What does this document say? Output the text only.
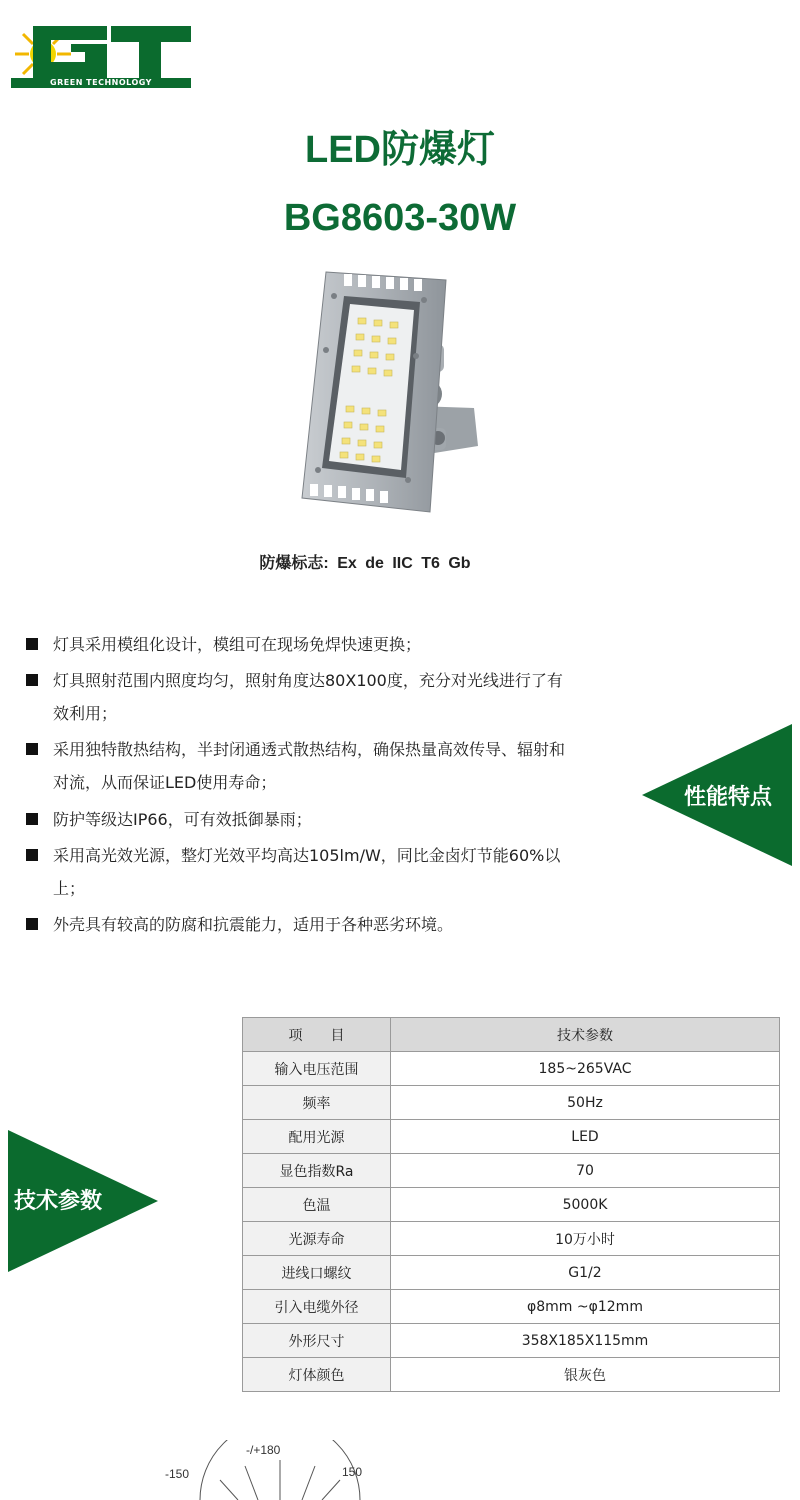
GREEN TECHNOLOGY
LED防爆灯
BG8603-30W
防爆标志: Ex de IIC T6 Gb
灯具采用模组化设计，模组可在现场免焊快速更换；
灯具照射范围内照度均匀，照射角度达80X100度，充分对光线进行了有效利用；
采用独特散热结构，半封闭通透式散热结构，确保热量高效传导、辐射和对流，从而保证LED使用寿命；
防护等级达IP66，可有效抵御暴雨；
采用高光效光源，整灯光效平均高达105lm/W，同比金卤灯节能60%以上；
外壳具有较高的防腐和抗震能力，适用于各种恶劣环境。
性能特点
技术参数
项　　目	技术参数
输入电压范围	185~265VAC
频率	50Hz
配用光源	LED
显色指数Ra	70
色温	5000K
光源寿命	10万小时
进线口螺纹	G1/2
引入电缆外径	φ8mm ~φ12mm
外形尺寸	358X185X115mm
灯体颜色	银灰色
-/+180
-150	150
